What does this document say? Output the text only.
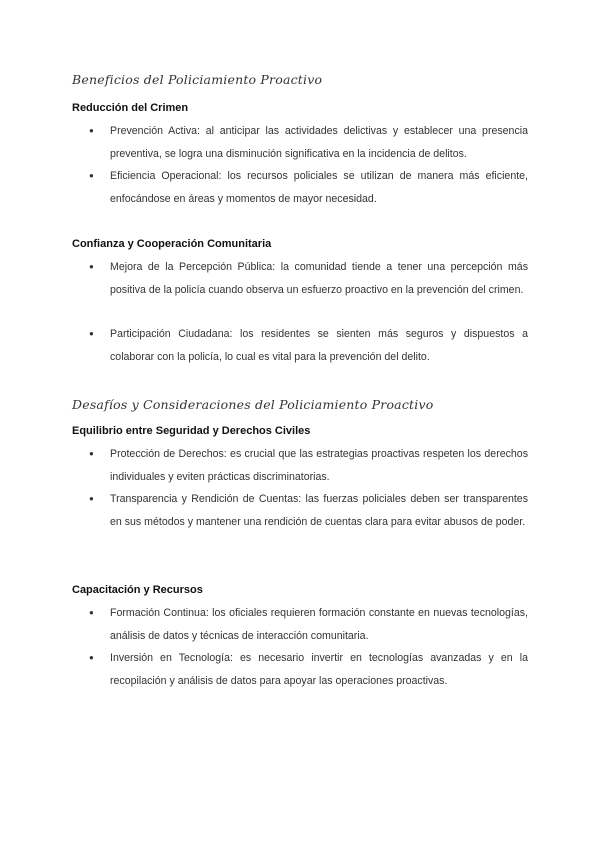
Beneficios del Policiamiento Proactivo
Reducción del Crimen
● Prevención Activa: al anticipar las actividades delictivas y establecer una presencia preventiva, se logra una disminución significativa en la incidencia de delitos.

● Eficiencia Operacional: los recursos policiales se utilizan de manera más eficiente, enfocándose en áreas y momentos de mayor necesidad.

Confianza y Cooperación Comunitaria
● Mejora de la Percepción Pública: la comunidad tiende a tener una percepción más positiva de la policía cuando observa un esfuerzo proactivo en la prevención del crimen.

● Participación Ciudadana: los residentes se sienten más seguros y dispuestos a colaborar con la policía, lo cual es vital para la prevención del delito.

Desafíos y Consideraciones del Policiamiento Proactivo
Equilibrio entre Seguridad y Derechos Civiles
● Protección de Derechos: es crucial que las estrategias proactivas respeten los derechos individuales y eviten prácticas discriminatorias.

● Transparencia y Rendición de Cuentas: las fuerzas policiales deben ser transparentes en sus métodos y mantener una rendición de cuentas clara para evitar abusos de poder.

Capacitación y Recursos
● Formación Continua: los oficiales requieren formación constante en nuevas tecnologías, análisis de datos y técnicas de interacción comunitaria.

● Inversión en Tecnología: es necesario invertir en tecnologías avanzadas y en la recopilación y análisis de datos para apoyar las operaciones proactivas.
